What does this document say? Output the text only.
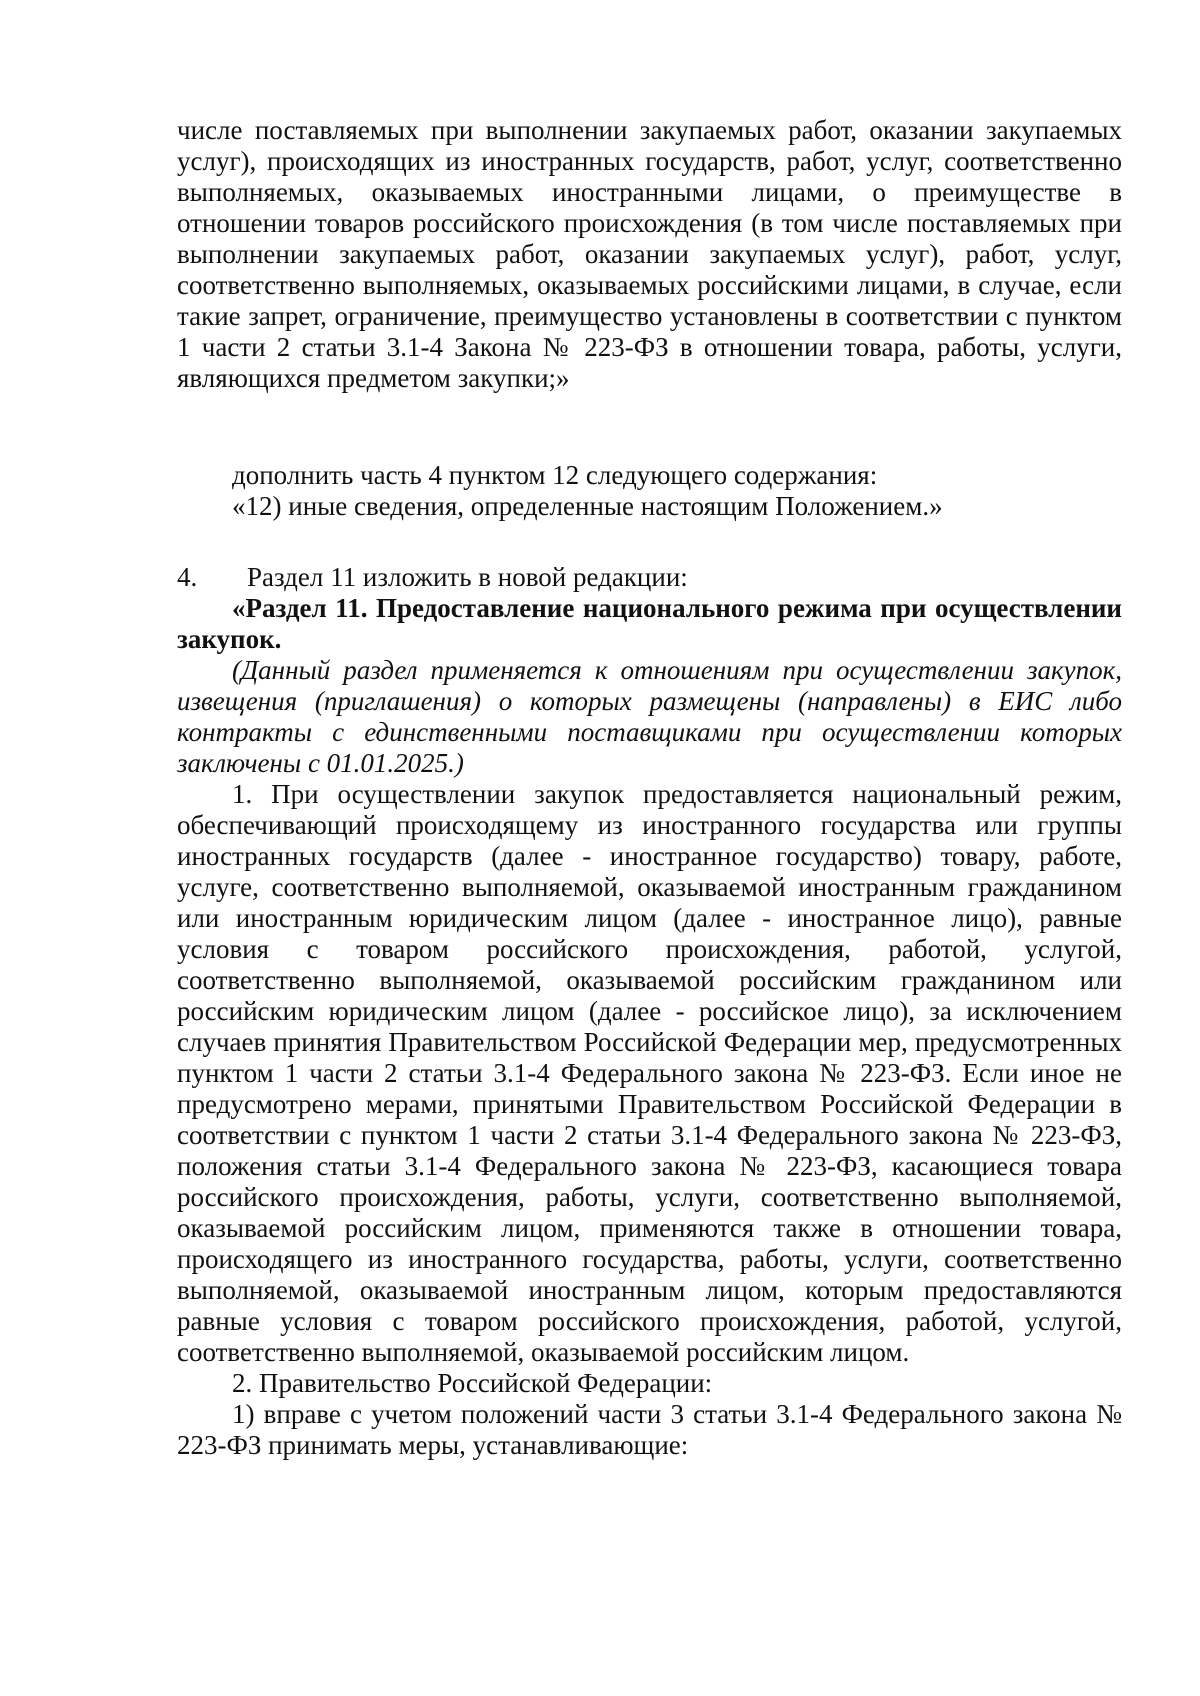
числе поставляемых при выполнении закупаемых работ, оказании закупаемых услуг), происходящих из иностранных государств, работ, услуг, соответственно выполняемых, оказываемых иностранными лицами, о преимуществе в отношении товаров российского происхождения (в том числе поставляемых при выполнении закупаемых работ, оказании закупаемых услуг), работ, услуг, соответственно выполняемых, оказываемых российскими лицами, в случае, если такие запрет, ограничение, преимущество установлены в соответствии с пунктом 1 части 2 статьи 3.1-4 Закона № 223-ФЗ в отношении товара, работы, услуги, являющихся предметом закупки;»

дополнить часть 4 пунктом 12 следующего содержания:

«12) иные сведения, определенные настоящим Положением.»

4. Раздел 11 изложить в новой редакции:

«Раздел 11. Предоставление национального режима при осуществлении закупок.

(Данный раздел применяется к отношениям при осуществлении закупок, извещения (приглашения) о которых размещены (направлены) в ЕИС либо контракты с единственными поставщиками при осуществлении которых заключены с 01.01.2025.)

1. При осуществлении закупок предоставляется национальный режим, обеспечивающий происходящему из иностранного государства или группы иностранных государств (далее - иностранное государство) товару, работе, услуге, соответственно выполняемой, оказываемой иностранным гражданином или иностранным юридическим лицом (далее - иностранное лицо), равные условия с товаром российского происхождения, работой, услугой, соответственно выполняемой, оказываемой российским гражданином или российским юридическим лицом (далее - российское лицо), за исключением случаев принятия Правительством Российской Федерации мер, предусмотренных пунктом 1 части 2 статьи 3.1-4 Федерального закона № 223-ФЗ. Если иное не предусмотрено мерами, принятыми Правительством Российской Федерации в соответствии с пунктом 1 части 2 статьи 3.1-4 Федерального закона № 223-ФЗ, положения статьи 3.1-4 Федерального закона № 223-ФЗ, касающиеся товара российского происхождения, работы, услуги, соответственно выполняемой, оказываемой российским лицом, применяются также в отношении товара, происходящего из иностранного государства, работы, услуги, соответственно выполняемой, оказываемой иностранным лицом, которым предоставляются равные условия с товаром российского происхождения, работой, услугой, соответственно выполняемой, оказываемой российским лицом.

2. Правительство Российской Федерации:

1) вправе с учетом положений части 3 статьи 3.1-4 Федерального закона № 223-ФЗ принимать меры, устанавливающие:
